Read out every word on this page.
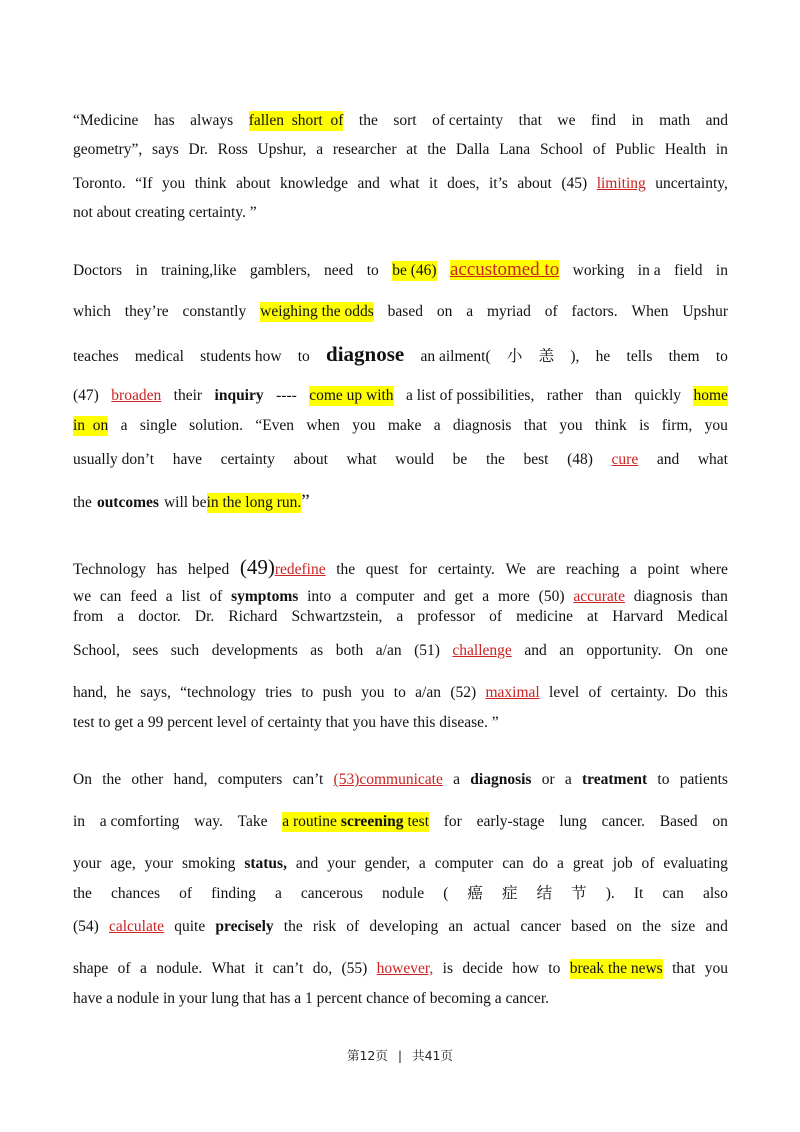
“Medicine has always fallen  short  of the sort of certainty that we find in math and
geometry”, says Dr. Ross Upshur, a researcher at the Dalla Lana School of Public Health in
Toronto. “If you think about knowledge and what it does, it’s about (45) limiting uncertainty,
not about creating certainty. ”
Doctors in training,like gamblers, need to be (46) accustomed to working in a field in
which they’re constantly weighing the odds based on a myriad of factors. When Upshur
teaches medical students how to diagnose an ailment( 小 恙 ), he tells them to
(47) broaden their inquiry ---- come up with a list of possibilities, rather than quickly home
in  on a single solution. “Even when you make a diagnosis that you think is firm, you
usually don’t have certainty about what would be the best (48) cure and what
the outcomes will be in the long run. ”
Technology has helped (49) redefine the quest for certainty. We are reaching a point where
we can feed a list of symptoms into a computer and get a more (50) accurate diagnosis than
from a doctor. Dr. Richard Schwartzstein, a professor of medicine at Harvard Medical
School, sees such developments as both a/an (51) challenge and an opportunity. On one
hand, he says, “technology tries to push you to a/an (52) maximal level of certainty. Do this
test to get a 99 percent level of certainty that you have this disease. ”
On the other hand, computers can’t (53)communicate a diagnosis or a treatment to patients
in a comforting way. Take a routine screening test for early-stage lung cancer. Based on
your age, your smoking status, and your gender, a computer can do a great job of evaluating
the chances of finding a cancerous nodule ( 癌 症 结 节 ). It can also
(54) calculate quite precisely the risk of developing an actual cancer based on the size and
shape of a nodule. What it can’t do, (55) however, is decide how to break the news that you
have a nodule in your lung that has a 1 percent chance of becoming a cancer.
第12页 | 共41页
